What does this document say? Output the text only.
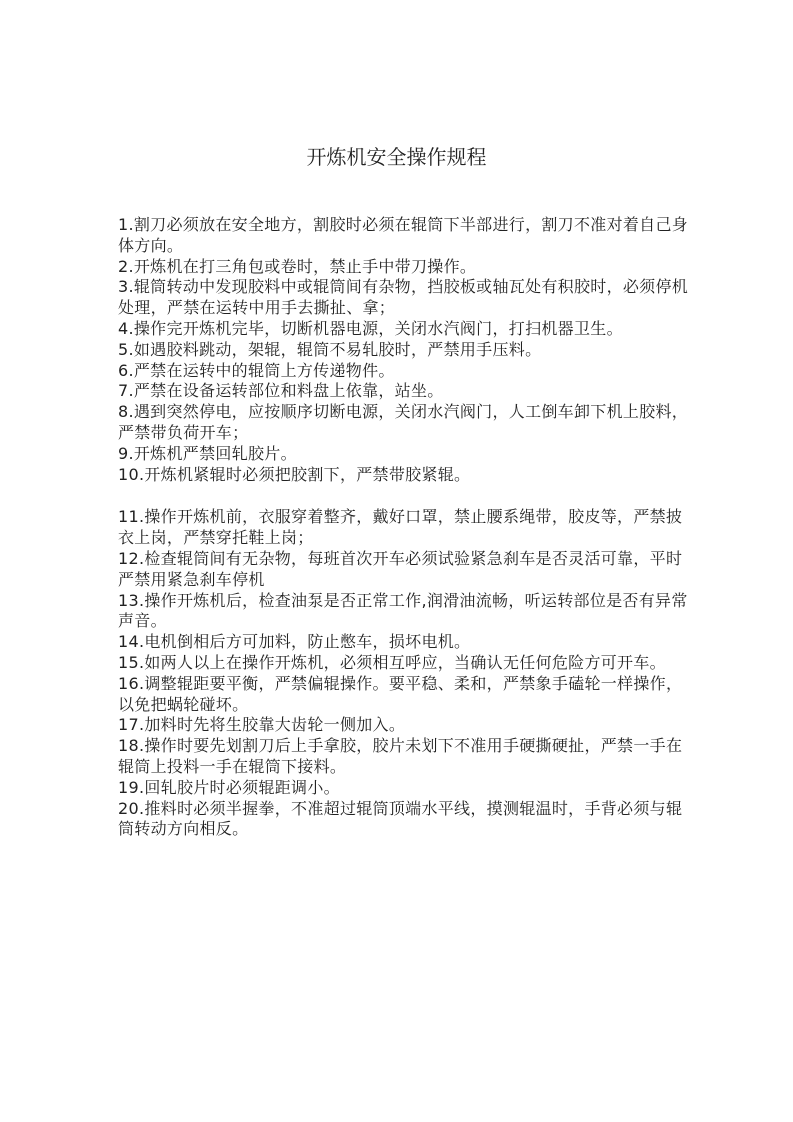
开炼机安全操作规程
1.割刀必须放在安全地方，割胶时必须在辊筒下半部进行，割刀不准对着自己身
体方向。
2.开炼机在打三角包或卷时，禁止手中带刀操作。
3.辊筒转动中发现胶料中或辊筒间有杂物，挡胶板或轴瓦处有积胶时，必须停机
处理，严禁在运转中用手去撕扯、拿；
4.操作完开炼机完毕，切断机器电源，关闭水汽阀门，打扫机器卫生。
5.如遇胶料跳动，架辊，辊筒不易轧胶时，严禁用手压料。
6.严禁在运转中的辊筒上方传递物件。
7.严禁在设备运转部位和料盘上依靠，站坐。
8.遇到突然停电，应按顺序切断电源，关闭水汽阀门，人工倒车卸下机上胶料，
严禁带负荷开车；
9.开炼机严禁回轧胶片。
10.开炼机紧辊时必须把胶割下，严禁带胶紧辊。
11.操作开炼机前，衣服穿着整齐，戴好口罩，禁止腰系绳带，胶皮等，严禁披
衣上岗，严禁穿托鞋上岗；
12.检查辊筒间有无杂物，每班首次开车必须试验紧急刹车是否灵活可靠，平时
严禁用紧急刹车停机
13.操作开炼机后，检查油泵是否正常工作,润滑油流畅，听运转部位是否有异常
声音。
14.电机倒相后方可加料，防止憋车，损坏电机。
15.如两人以上在操作开炼机，必须相互呼应，当确认无任何危险方可开车。
16.调整辊距要平衡，严禁偏辊操作。要平稳、柔和，严禁象手磕轮一样操作，
以免把蜗轮碰坏。
17.加料时先将生胶靠大齿轮一侧加入。
18.操作时要先划割刀后上手拿胶，胶片未划下不准用手硬撕硬扯，严禁一手在
辊筒上投料一手在辊筒下接料。
19.回轧胶片时必须辊距调小。
20.推料时必须半握拳，不准超过辊筒顶端水平线，摸测辊温时，手背必须与辊
筒转动方向相反。
